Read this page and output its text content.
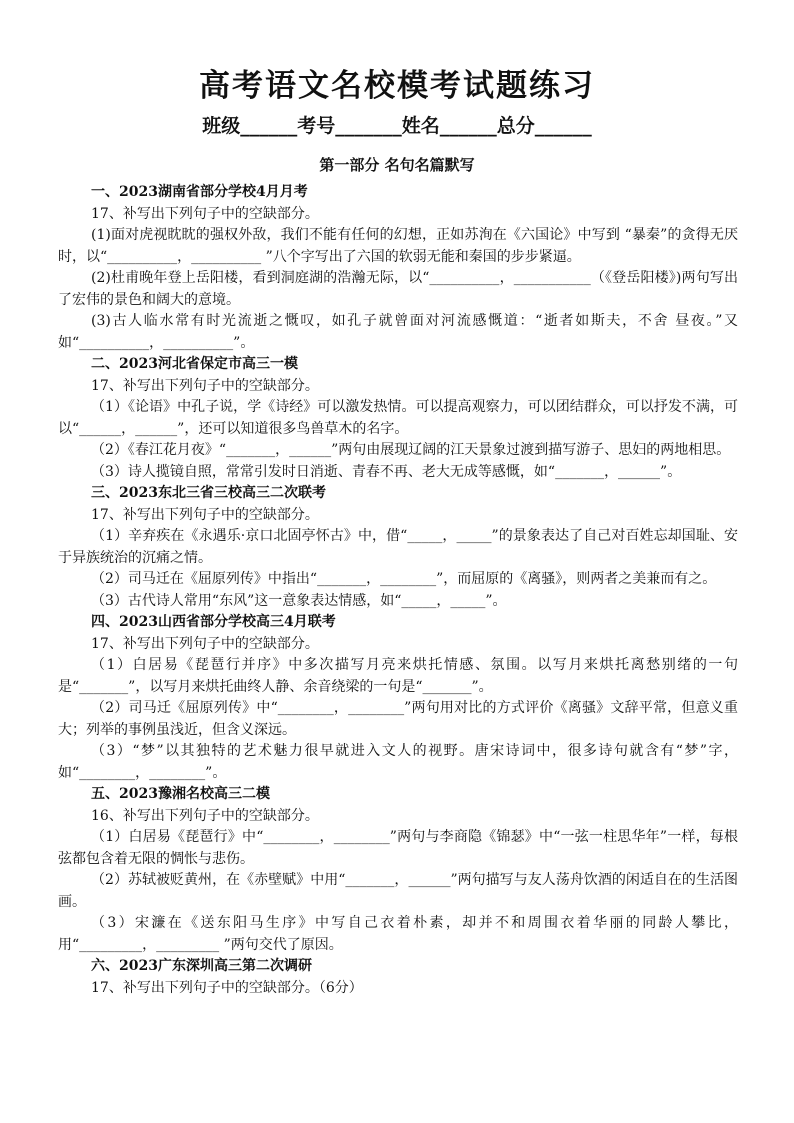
高考语文名校模考试题练习
班级______考号_______姓名______总分______
第一部分 名句名篇默写

一、2023湖南省部分学校4月月考

17、补写出下列句子中的空缺部分。

(1)面对虎视眈眈的强权外敌，我们不能有任何的幻想，正如苏洵在《六国论》中写到 “暴秦”的贪得无厌时，以“__________，__________ ”八个字写出了六国的软弱无能和秦国的步步紧逼。

(2)杜甫晚年登上岳阳楼，看到洞庭湖的浩瀚无际，以“__________，___________（《登岳阳楼》)两句写出了宏伟的景色和阔大的意境。

(3)古人临水常有时光流逝之慨叹，如孔子就曾面对河流感慨道：“逝者如斯夫，不舍 昼夜。”又如“__________，__________”。

二、2023河北省保定市高三一模

17、补写出下列句子中的空缺部分。

（1）《论语》中孔子说，学《诗经》可以激发热情。可以提高观察力，可以团结群众，可以抒发不满，可以“______，______”，还可以知道很多鸟兽草木的名字。

（2）《春江花月夜》“_______，______”两句由展现辽阔的江天景象过渡到描写游子、思妇的两地相思。

（3）诗人揽镜自照，常常引发时日消逝、青春不再、老大无成等感慨，如“_______，______”。

三、2023东北三省三校高三二次联考

17、补写出下列句子中的空缺部分。

（1）辛弃疾在《永遇乐·京口北固亭怀古》中，借“_____，_____”的景象表达了自己对百姓忘却国耻、安于异族统治的沉痛之情。

（2）司马迁在《屈原列传》中指出“_______，________”，而屈原的《离骚》，则两者之美兼而有之。

（3）古代诗人常用“东风”这一意象表达情感，如“_____，_____”。

四、2023山西省部分学校高三4月联考

17、补写出下列句子中的空缺部分。

（1）白居易《琵琶行并序》中多次描写月亮来烘托情感、氛围。以写月来烘托离愁别绪的一句是“_______”，以写月来烘托曲终人静、余音绕梁的一句是“_______”。

（2）司马迁《屈原列传》中“________，________”两句用对比的方式评价《离骚》文辞平常，但意义重大；列举的事例虽浅近，但含义深远。

（3）“梦”以其独特的艺术魅力很早就进入文人的视野。唐宋诗词中，很多诗句就含有“梦”字，如“________，________”。

五、2023豫湘名校高三二模

16、补写出下列句子中的空缺部分。

（1）白居易《琵琶行》中“________，________”两句与李商隐《锦瑟》中“一弦一柱思华年”一样，每根弦都包含着无限的惆怅与悲伤。

（2）苏轼被贬黄州，在《赤壁赋》中用“_______，______”两句描写与友人荡舟饮酒的闲适自在的生活图画。

（3）宋濂在《送东阳马生序》中写自己衣着朴素，却并不和周围衣着华丽的同龄人攀比，用“_________，_________ ”两句交代了原因。

六、2023广东深圳高三第二次调研

17、补写出下列句子中的空缺部分。（6分）
